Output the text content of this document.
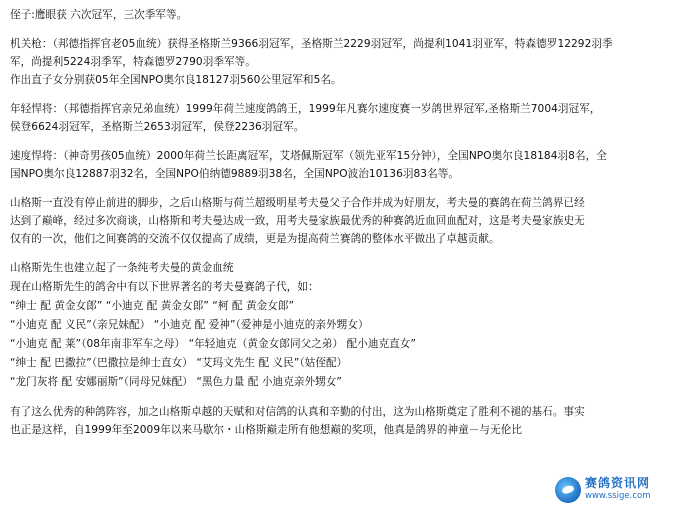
侄子:鹰眼获 六次冠军，三次季军等。
机关枪：（邦德指挥官老05血统）获得圣格斯兰9366羽冠军，圣格斯兰2229羽冠军，尚提利1041羽亚军，特森德罗12292羽季
军，尚提利5224羽季军，特森德罗2790羽季军等。
作出直子女分别获05年全国NPO奥尔良18127羽560公里冠军和5名。
年轻悍将：（邦德指挥官亲兄弟血统）1999年荷兰速度鸽鸽王，1999年凡赛尔速度赛一岁鸽世界冠军,圣格斯兰7004羽冠军，
侯登6624羽冠军，圣格斯兰2653羽冠军，侯登2236羽冠军。
速度悍将：（神奇男孩05血统）2000年荷兰长距离冠军，艾塔佩斯冠军（领先亚军15分钟），全国NPO奥尔良18184羽8名，全
国NPO奥尔良12887羽32名，全国NPO伯纳德9889羽38名，全国NPO波治10136羽83名等。
山格斯一直没有停止前进的脚步，之后山格斯与荷兰超级明星考夫曼父子合作并成为好朋友，考夫曼的赛鸽在荷兰鸽界已经
达到了巅峰，经过多次商谈，山格斯和考夫曼达成一致，用考夫曼家族最优秀的种赛鸽近血回血配对，这是考夫曼家族史无
仅有的一次，他们之间赛鸽的交流不仅仅提高了成绩，更是为提高荷兰赛鸽的整体水平做出了卓越贡献。
山格斯先生也建立起了一条纯考夫曼的黄金血统
现在山格斯先生的鸽舍中有以下世界著名的考夫曼赛鸽子代，如：
“绅士 配 黄金女郎” “小迪克 配 黄金女郎” “柯 配 黄金女郎”
“小迪克 配 义民”（亲兄妹配） “小迪克 配 爱神”（爱神是小迪克的亲外甥女）
“小迪克 配 莱”（08年南非军车之母） “年轻迪克（黄金女郎同父之弟） 配小迪克直女”
“绅士 配 巴撒拉”（巴撒拉是绅士直女） “艾玛文先生 配 义民”（姑侄配）
“龙门灰将 配 安娜丽斯”（同母兄妹配） “黑色力量 配 小迪克亲外甥女”
有了这么优秀的种鸽阵容，加之山格斯卓越的天赋和对信鸽的认真和辛勤的付出，这为山格斯奠定了胜利不褪的基石。事实
也正是这样，自1999年至2009年以来马歇尔・山格斯巅走所有他想巅的奖项，他真是鸽界的神童－与无伦比
赛鸽资讯网
www.ssige.com
